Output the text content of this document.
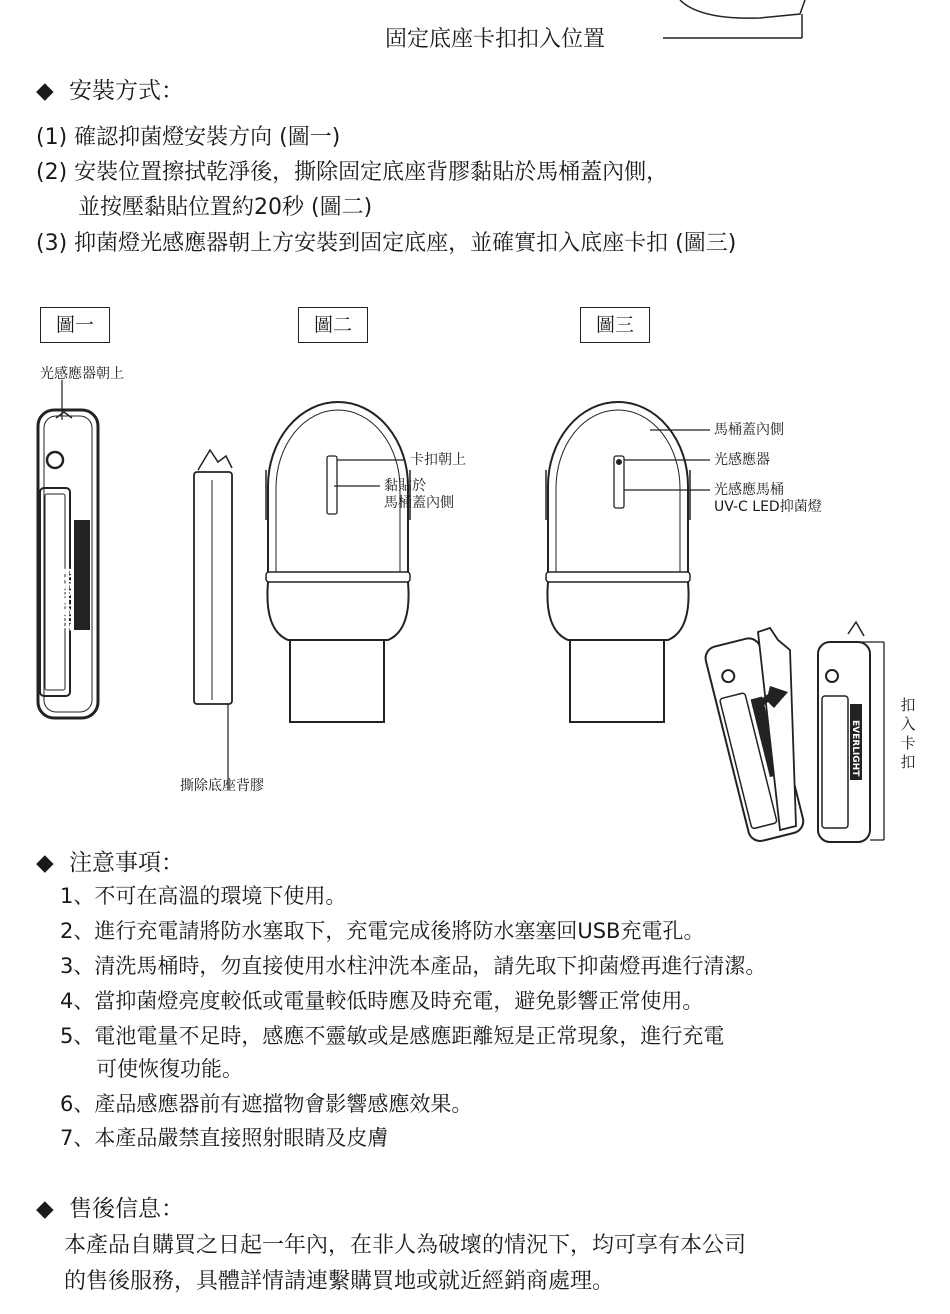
固定底座卡扣扣入位置
◆ 安裝方式：
(1) 確認抑菌燈安裝方向 (圖一)
(2) 安裝位置擦拭乾淨後，撕除固定底座背膠黏貼於馬桶蓋內側，
並按壓黏貼位置約20秒 (圖二)
(3) 抑菌燈光感應器朝上方安裝到固定底座，並確實扣入底座卡扣 (圖三)
圖一	圖二	圖三
EVERLIGHT
EVERLIGHT
光感應器朝上
卡扣朝上
黏貼於
馬桶蓋內側
撕除底座背膠
馬桶蓋內側
光感應器
光感應馬桶
UV-C LED抑菌燈
扣
入
卡
扣
◆ 注意事項：
1、不可在高溫的環境下使用。
2、進行充電請將防水塞取下，充電完成後將防水塞塞回USB充電孔。
3、清洗馬桶時，勿直接使用水柱沖洗本產品，請先取下抑菌燈再進行清潔。
4、當抑菌燈亮度較低或電量較低時應及時充電，避免影響正常使用。
5、電池電量不足時，感應不靈敏或是感應距離短是正常現象，進行充電
可使恢復功能。
6、產品感應器前有遮擋物會影響感應效果。
7、本產品嚴禁直接照射眼睛及皮膚
◆ 售後信息：
本產品自購買之日起一年內，在非人為破壞的情況下，均可享有本公司
的售後服務，具體詳情請連繫購買地或就近經銷商處理。
